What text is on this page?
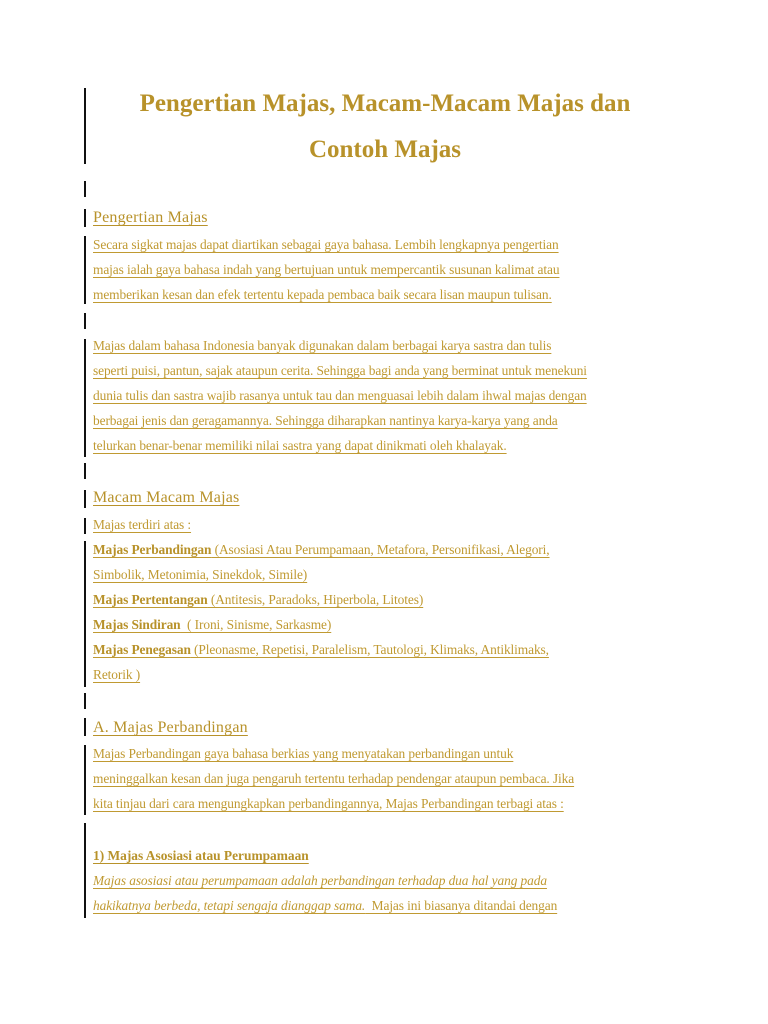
Pengertian Majas, Macam-Macam Majas dan
Contoh Majas
Pengertian Majas
Secara sigkat majas dapat diartikan sebagai gaya bahasa. Lembih lengkapnya pengertian
majas ialah gaya bahasa indah yang bertujuan untuk mempercantik susunan kalimat atau
memberikan kesan dan efek tertentu kepada pembaca baik secara lisan maupun tulisan.
Majas dalam bahasa Indonesia banyak digunakan dalam berbagai karya sastra dan tulis
seperti puisi, pantun, sajak ataupun cerita. Sehingga bagi anda yang berminat untuk menekuni
dunia tulis dan sastra wajib rasanya untuk tau dan menguasai lebih dalam ihwal majas dengan
berbagai jenis dan geragamannya. Sehingga diharapkan nantinya karya-karya yang anda
telurkan benar-benar memiliki nilai sastra yang dapat dinikmati oleh khalayak.
Macam Macam Majas
Majas terdiri atas :
Majas Perbandingan (Asosiasi Atau Perumpamaan, Metafora, Personifikasi, Alegori,
Simbolik, Metonimia, Sinekdok, Simile)
Majas Pertentangan (Antitesis, Paradoks, Hiperbola, Litotes)
Majas Sindiran  ( Ironi, Sinisme, Sarkasme)
Majas Penegasan (Pleonasme, Repetisi, Paralelism, Tautologi, Klimaks, Antiklimaks,
Retorik )
A. Majas Perbandingan
Majas Perbandingan gaya bahasa berkias yang menyatakan perbandingan untuk
meninggalkan kesan dan juga pengaruh tertentu terhadap pendengar ataupun pembaca. Jika
kita tinjau dari cara mengungkapkan perbandingannya, Majas Perbandingan terbagi atas :
1) Majas Asosiasi atau Perumpamaan
Majas asosiasi atau perumpamaan adalah perbandingan terhadap dua hal yang pada
hakikatnya berbeda, tetapi sengaja dianggap sama.  Majas ini biasanya ditandai dengan
